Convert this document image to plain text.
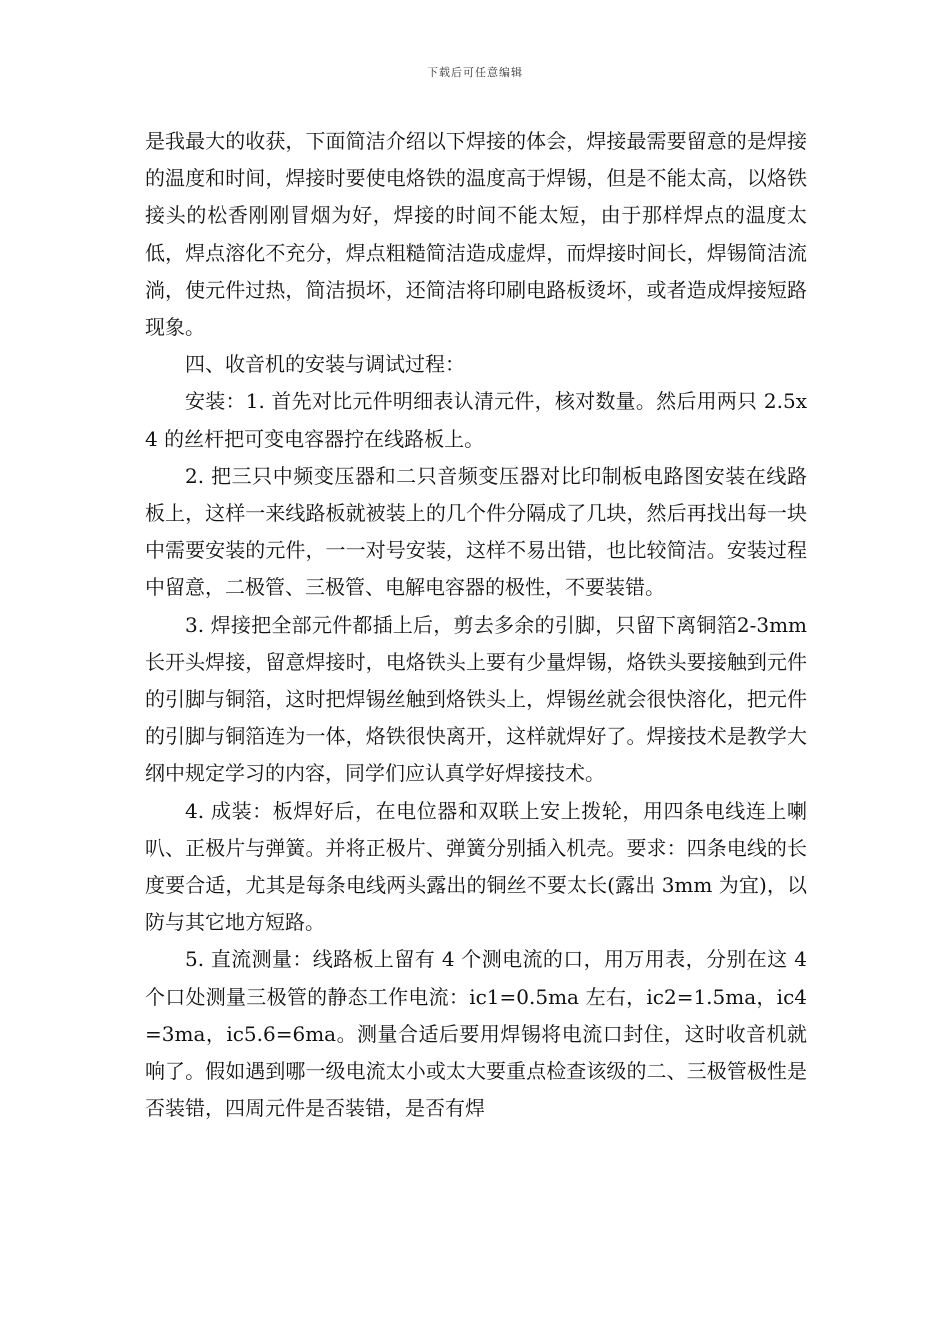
下载后可任意编辑

是我最大的收获，下面简洁介绍以下焊接的体会，焊接最需要留意的是焊接的温度和时间，焊接时要使电烙铁的温度高于焊锡，但是不能太高，以烙铁接头的松香刚刚冒烟为好，焊接的时间不能太短，由于那样焊点的温度太低，焊点溶化不充分，焊点粗糙简洁造成虚焊，而焊接时间长，焊锡简洁流淌，使元件过热，简洁损坏，还简洁将印刷电路板烫坏，或者造成焊接短路现象。

四、收音机的安装与调试过程：

安装：1. 首先对比元件明细表认清元件，核对数量。然后用两只 2.5x4 的丝杆把可变电容器拧在线路板上。

2. 把三只中频变压器和二只音频变压器对比印制板电路图安装在线路板上，这样一来线路板就被装上的几个件分隔成了几块，然后再找出每一块中需要安装的元件，一一对号安装，这样不易出错，也比较简洁。安装过程中留意，二极管、三极管、电解电容器的极性，不要装错。

3. 焊接把全部元件都插上后，剪去多余的引脚，只留下离铜箔2-3mm 长开头焊接，留意焊接时，电烙铁头上要有少量焊锡，烙铁头要接触到元件的引脚与铜箔，这时把焊锡丝触到烙铁头上，焊锡丝就会很快溶化，把元件的引脚与铜箔连为一体，烙铁很快离开，这样就焊好了。焊接技术是教学大纲中规定学习的内容，同学们应认真学好焊接技术。

4. 成装：板焊好后，在电位器和双联上安上拨轮，用四条电线连上喇叭、正极片与弹簧。并将正极片、弹簧分别插入机壳。要求：四条电线的长度要合适，尤其是每条电线两头露出的铜丝不要太长(露出 3mm 为宜)，以防与其它地方短路。

5. 直流测量：线路板上留有 4 个测电流的口，用万用表，分别在这 4 个口处测量三极管的静态工作电流：ic1=0.5ma 左右，ic2=1.5ma，ic4=3ma，ic5.6=6ma。测量合适后要用焊锡将电流口封住，这时收音机就响了。假如遇到哪一级电流太小或太大要重点检查该级的二、三极管极性是否装错，四周元件是否装错，是否有焊
